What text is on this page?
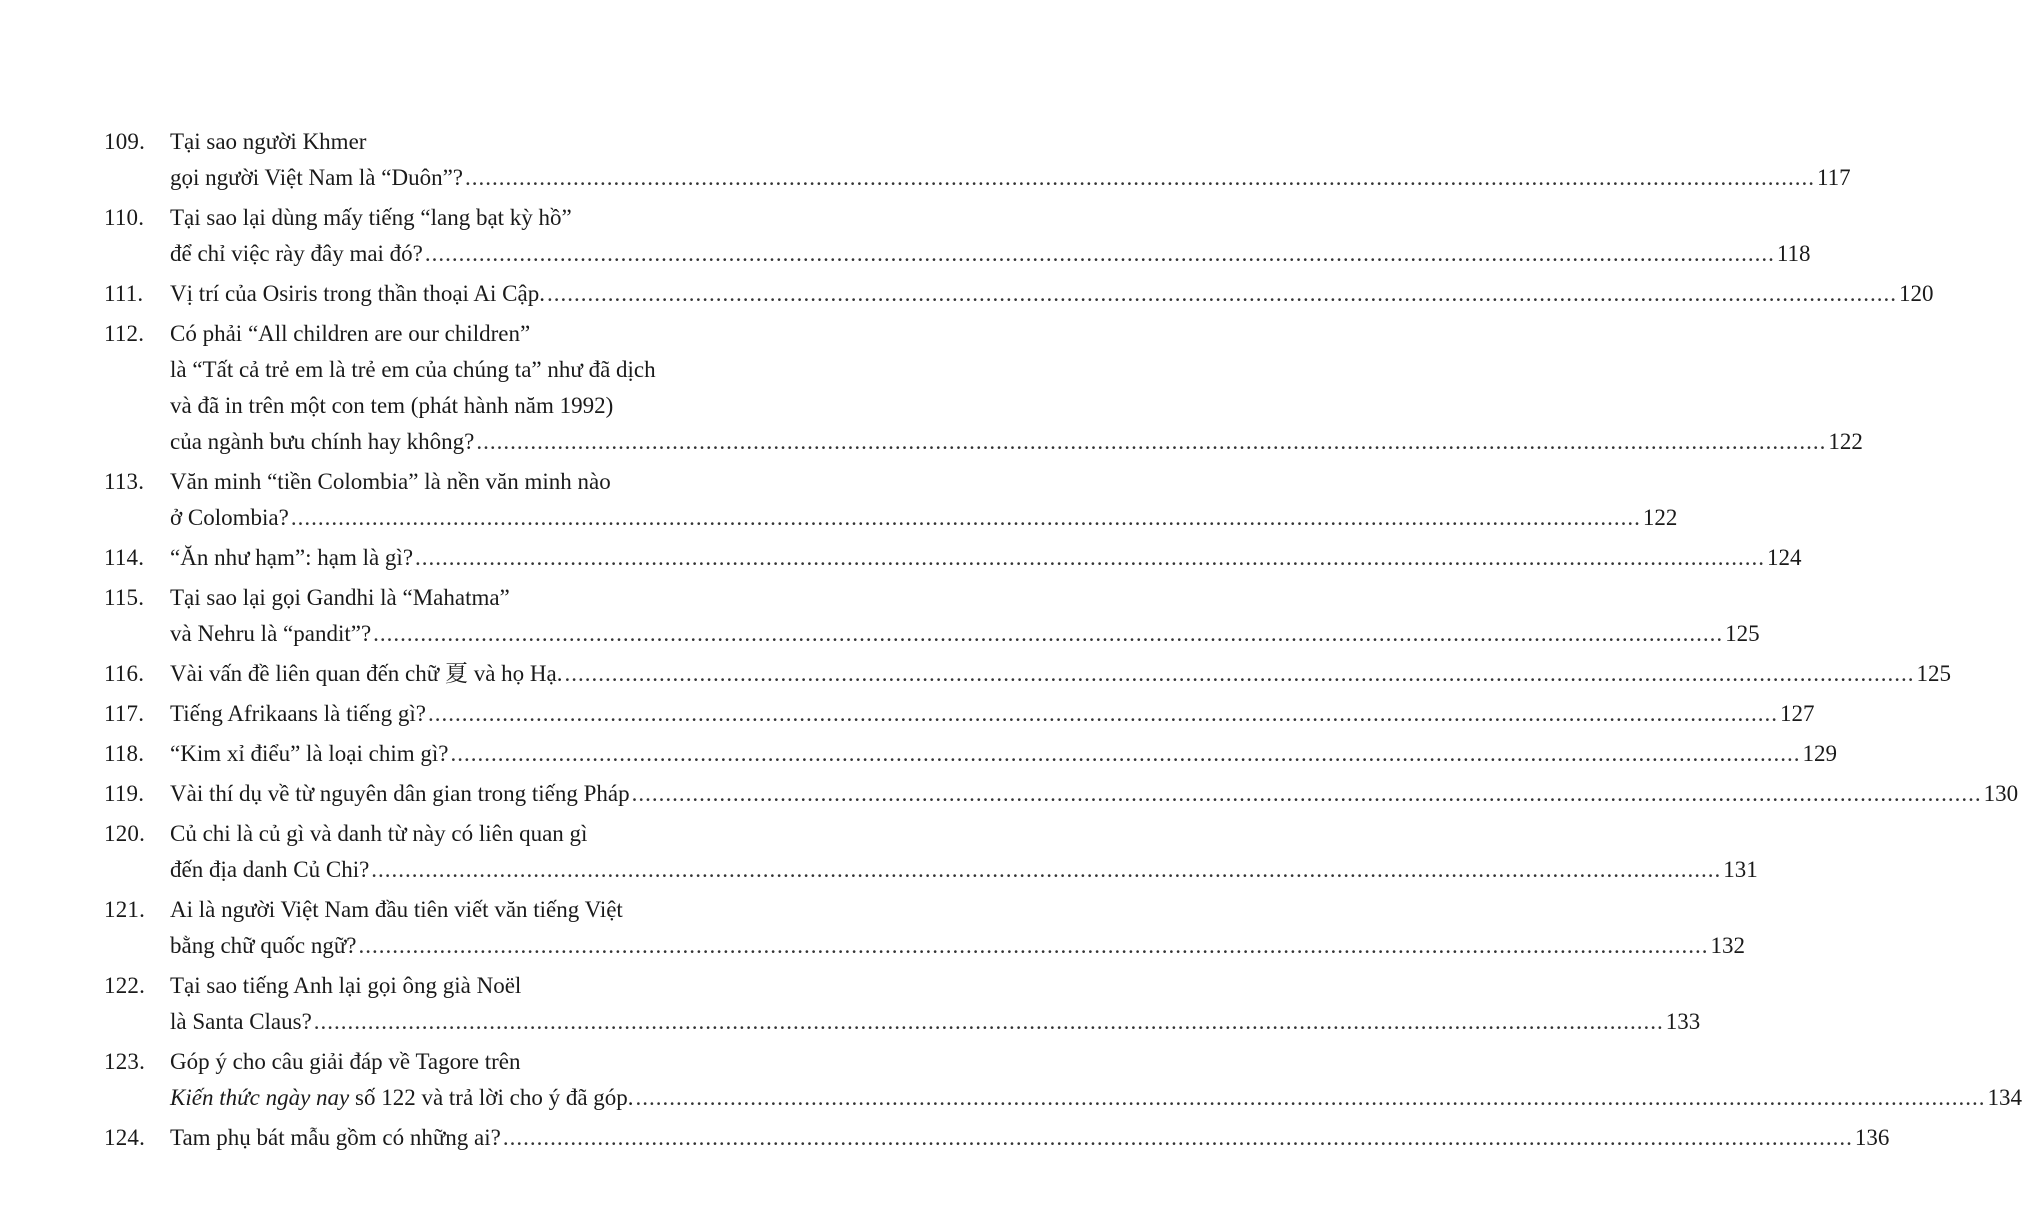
109. Tại sao người Khmer
gọi người Việt Nam là “Duôn”? ........................................................................................................................................................................................................ 117
110. Tại sao lại dùng mấy tiếng “lang bạt kỳ hồ”
để chỉ việc rày đây mai đó? ........................................................................................................................................................................................................ 118
111. Vị trí của Osiris trong thần thoại Ai Cập. ........................................................................................................................................................................................................ 120
112. Có phải “All children are our children”
là “Tất cả trẻ em là trẻ em của chúng ta” như đã dịch
và đã in trên một con tem (phát hành năm 1992)
của ngành bưu chính hay không? ........................................................................................................................................................................................................ 122
113. Văn minh “tiền Colombia” là nền văn minh nào
ở Colombia? ........................................................................................................................................................................................................ 122
114. “Ăn như hạm”: hạm là gì? ........................................................................................................................................................................................................ 124
115. Tại sao lại gọi Gandhi là “Mahatma”
và Nehru là “pandit”? ........................................................................................................................................................................................................ 125
116. Vài vấn đề liên quan đến chữ 夏 và họ Hạ. ........................................................................................................................................................................................................ 125
117. Tiếng Afrikaans là tiếng gì? ........................................................................................................................................................................................................ 127
118. “Kim xỉ điểu” là loại chim gì? ........................................................................................................................................................................................................ 129
119. Vài thí dụ về từ nguyên dân gian trong tiếng Pháp ........................................................................................................................................................................................................ 130
120. Củ chi là củ gì và danh từ này có liên quan gì
đến địa danh Củ Chi? ........................................................................................................................................................................................................ 131
121. Ai là người Việt Nam đầu tiên viết văn tiếng Việt
bằng chữ quốc ngữ? ........................................................................................................................................................................................................ 132
122. Tại sao tiếng Anh lại gọi ông già Noël
là Santa Claus? ........................................................................................................................................................................................................ 133
123. Góp ý cho câu giải đáp về Tagore trên
Kiến thức ngày nay số 122 và trả lời cho ý đã góp. ........................................................................................................................................................................................................ 134
124. Tam phụ bát mẫu gồm có những ai? ........................................................................................................................................................................................................ 136
